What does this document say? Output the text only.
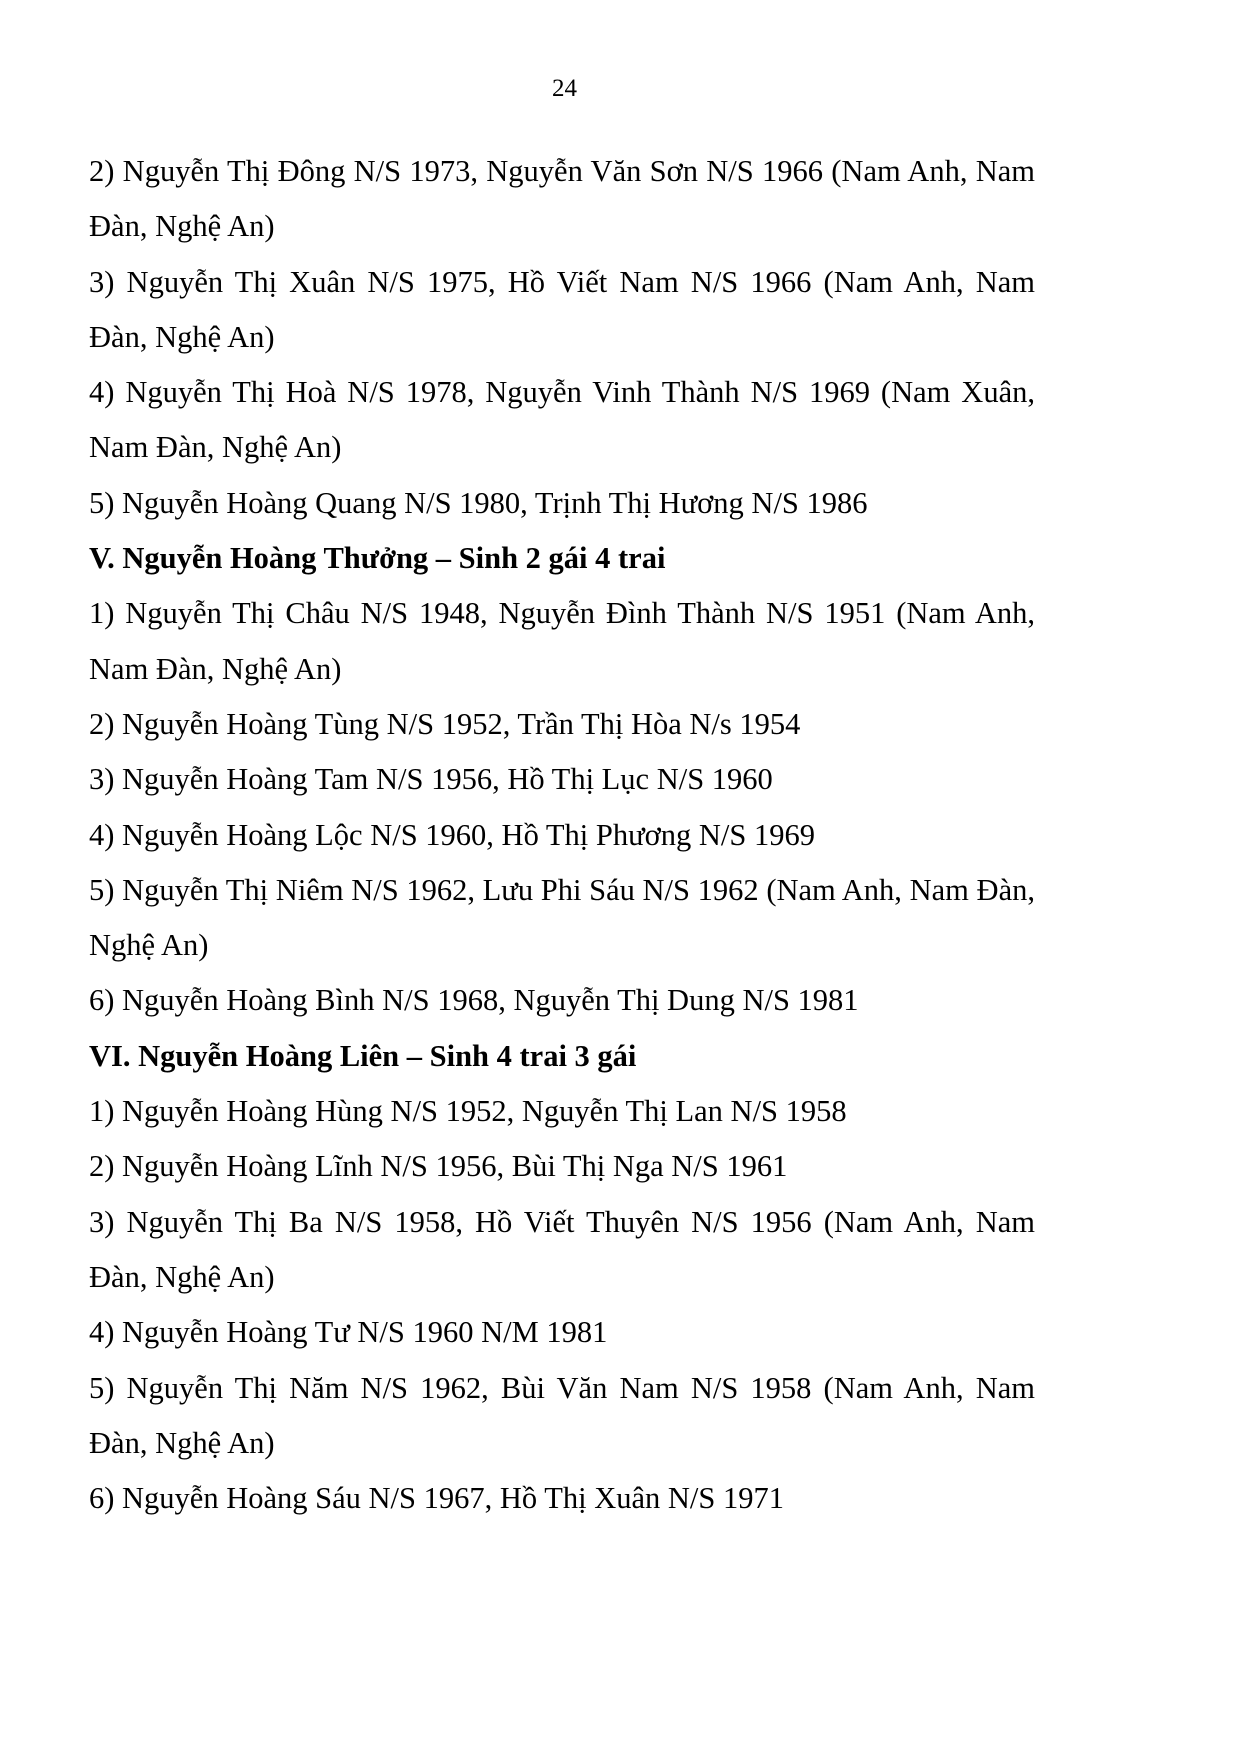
24

2) Nguyễn Thị Đông N/S 1973, Nguyễn Văn Sơn N/S 1966 (Nam Anh, Nam Đàn, Nghệ An)

3) Nguyễn Thị Xuân N/S 1975, Hồ Viết Nam N/S 1966 (Nam Anh, Nam Đàn, Nghệ An)

4) Nguyễn Thị Hoà N/S 1978, Nguyễn Vinh Thành N/S 1969 (Nam Xuân, Nam Đàn, Nghệ An)

5) Nguyễn Hoàng Quang N/S 1980, Trịnh Thị Hương N/S 1986

V. Nguyễn Hoàng Thưởng – Sinh 2 gái 4 trai

1) Nguyễn Thị Châu N/S 1948, Nguyễn Đình Thành N/S 1951 (Nam Anh, Nam Đàn, Nghệ An)

2) Nguyễn Hoàng Tùng N/S 1952, Trần Thị Hòa N/s 1954

3) Nguyễn Hoàng Tam N/S 1956, Hồ Thị Lục N/S 1960

4) Nguyễn Hoàng Lộc N/S 1960, Hồ Thị Phương N/S 1969

5) Nguyễn Thị Niêm N/S 1962, Lưu Phi Sáu N/S 1962 (Nam Anh, Nam Đàn, Nghệ An)

6) Nguyễn Hoàng Bình N/S 1968, Nguyễn Thị Dung N/S 1981

VI. Nguyễn Hoàng Liên – Sinh 4 trai 3 gái

1) Nguyễn Hoàng Hùng N/S 1952, Nguyễn Thị Lan N/S 1958

2) Nguyễn Hoàng Lĩnh N/S 1956, Bùi Thị Nga N/S 1961

3) Nguyễn Thị Ba N/S 1958, Hồ Viết Thuyên N/S 1956 (Nam Anh, Nam Đàn, Nghệ An)

4) Nguyễn Hoàng Tư N/S 1960 N/M 1981

5) Nguyễn Thị Năm N/S 1962, Bùi Văn Nam N/S 1958 (Nam Anh, Nam Đàn, Nghệ An)

6) Nguyễn Hoàng Sáu N/S 1967, Hồ Thị Xuân N/S 1971
